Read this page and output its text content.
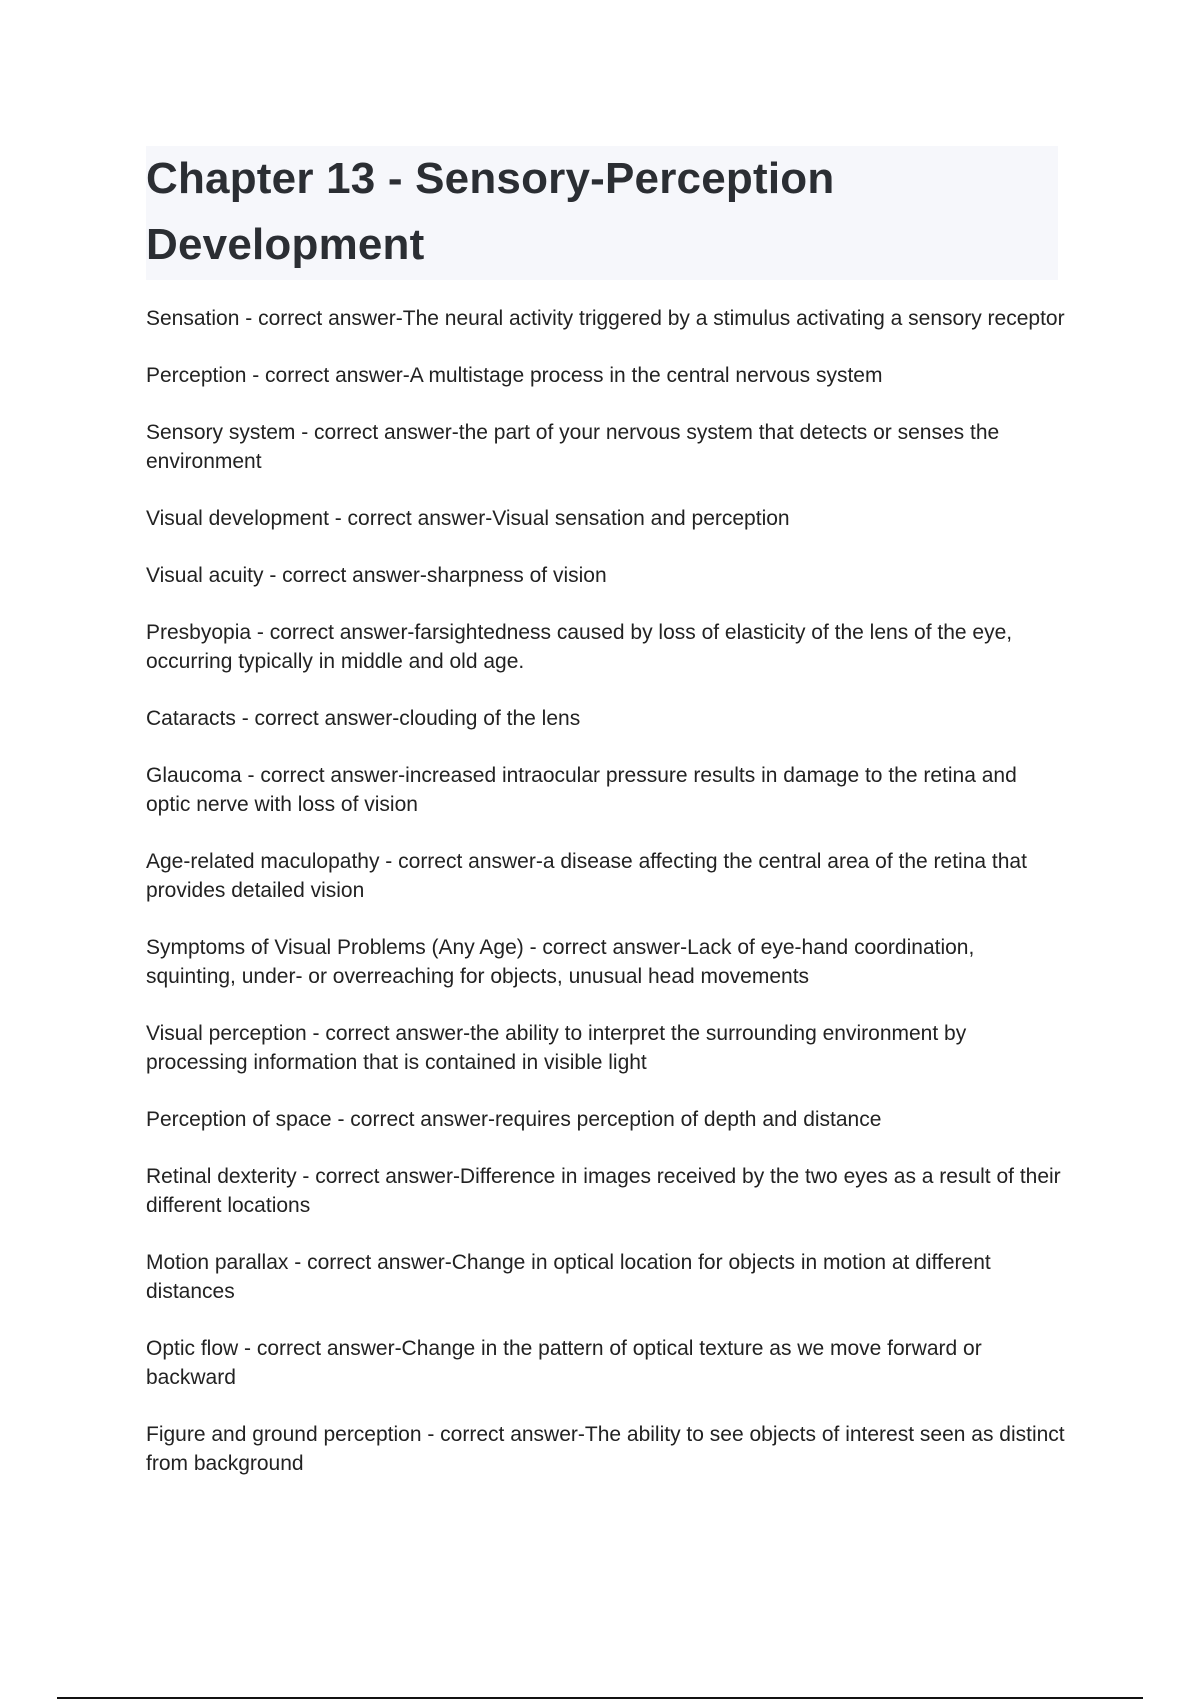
Chapter 13 - Sensory-Perception Development

Sensation - correct answer-The neural activity triggered by a stimulus activating a sensory receptor

Perception - correct answer-A multistage process in the central nervous system

Sensory system - correct answer-the part of your nervous system that detects or senses the environment

Visual development - correct answer-Visual sensation and perception

Visual acuity - correct answer-sharpness of vision

Presbyopia - correct answer-farsightedness caused by loss of elasticity of the lens of the eye, occurring typically in middle and old age.

Cataracts - correct answer-clouding of the lens

Glaucoma - correct answer-increased intraocular pressure results in damage to the retina and optic nerve with loss of vision

Age-related maculopathy - correct answer-a disease affecting the central area of the retina that provides detailed vision

Symptoms of Visual Problems (Any Age) - correct answer-Lack of eye-hand coordination, squinting, under- or overreaching for objects, unusual head movements

Visual perception - correct answer-the ability to interpret the surrounding environment by processing information that is contained in visible light

Perception of space - correct answer-requires perception of depth and distance

Retinal dexterity - correct answer-Difference in images received by the two eyes as a result of their different locations

Motion parallax - correct answer-Change in optical location for objects in motion at different distances

Optic flow - correct answer-Change in the pattern of optical texture as we move forward or backward

Figure and ground perception - correct answer-The ability to see objects of interest seen as distinct from background
